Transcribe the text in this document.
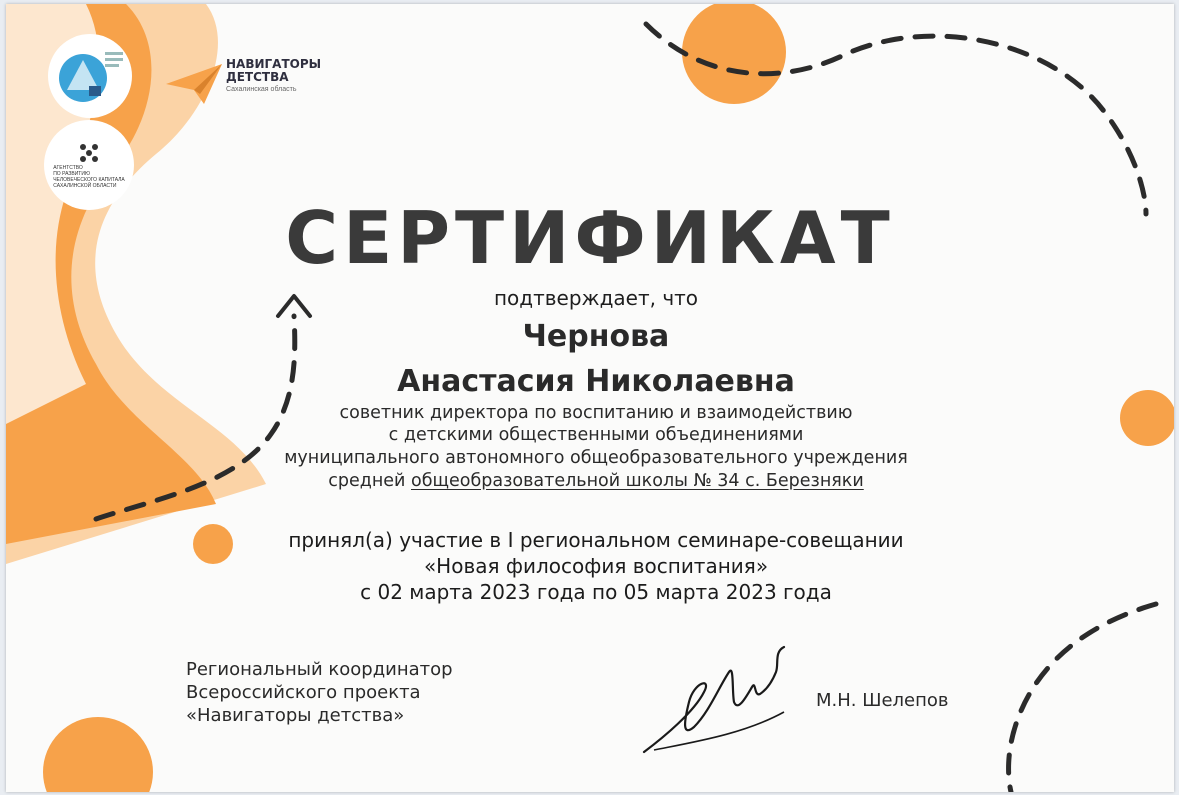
АГЕНТСТВО
ПО РАЗВИТИЮ
ЧЕЛОВЕЧЕСКОГО КАПИТАЛА
САХАЛИНСКОЙ ОБЛАСТИ
НАВИГАТОРЫ
ДЕТСТВА
Сахалинская область
СЕРТИФИКАТ
подтверждает, что
Чернова
Анастасия Николаевна
советник директора по воспитанию и взаимодействию
с детскими общественными объединениями
муниципального автономного общеобразовательного учреждения
средней общеобразовательной школы № 34 с. Березняки
принял(а) участие в I региональном семинаре-совещании
«Новая философия воспитания»
с 02 марта 2023 года по 05 марта 2023 года
Региональный координатор
Всероссийского проекта
«Навигаторы детства»
М.Н. Шелепов
